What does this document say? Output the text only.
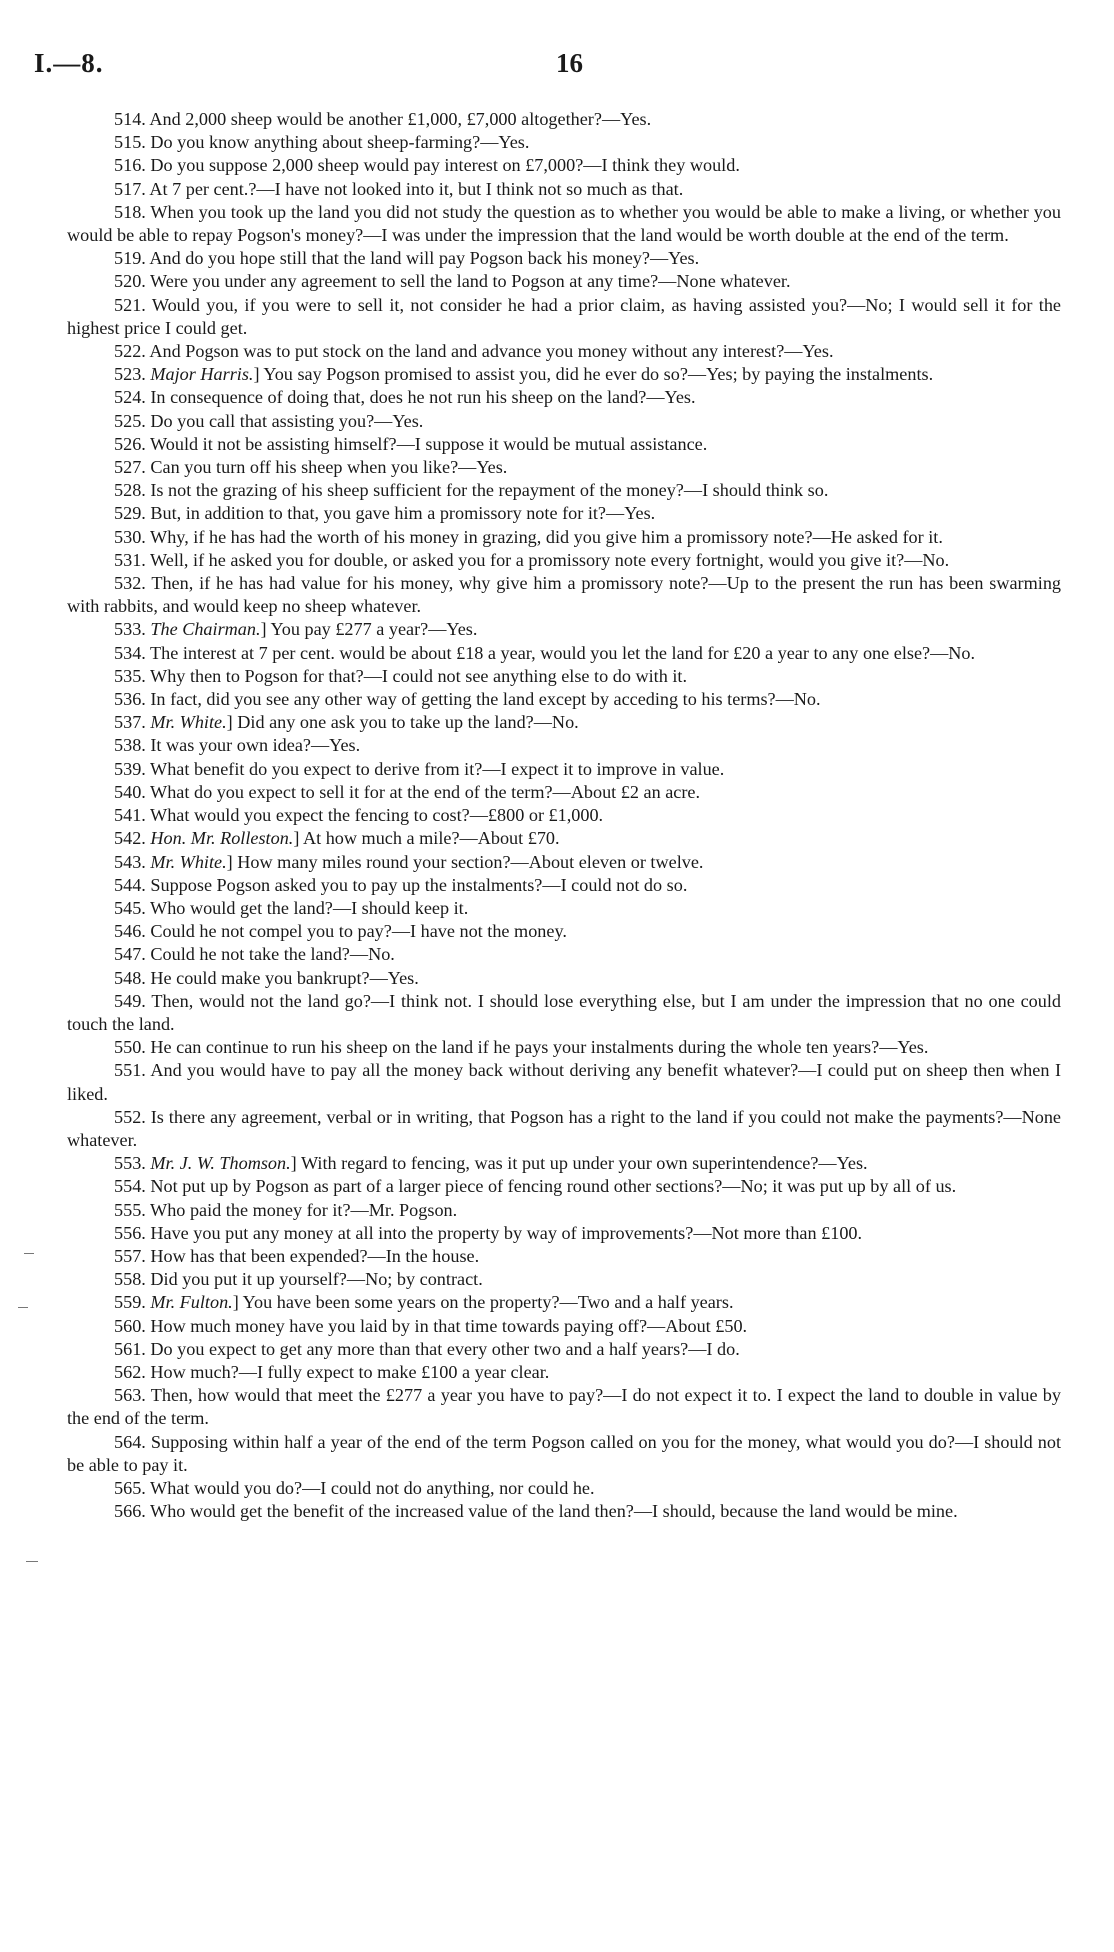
I.—8.	16

514 . And 2,000 sheep would be another £1,000, £7,000 altogether?—Yes.

515 . Do you know anything about sheep-farming?—Yes.

516 . Do you suppose 2,000 sheep would pay interest on £7,000?—I think they would.

517 . At 7 per cent.?—I have not looked into it, but I think not so much as that.

518 . When you took up the land you did not study the question as to whether you would be able to make a living, or whether you would be able to repay Pogson's money?—I was under the impression that the land would be worth double at the end of the term.

519 . And do you hope still that the land will pay Pogson back his money?—Yes.

520 . Were you under any agreement to sell the land to Pogson at any time?—None whatever.

521 . Would you, if you were to sell it, not consider he had a prior claim, as having assisted you?—No; I would sell it for the highest price I could get.

522 . And Pogson was to put stock on the land and advance you money without any interest?—Yes.

523 . Major Harris. ] You say Pogson promised to assist you, did he ever do so?—Yes; by paying the instalments.

524 . In consequence of doing that, does he not run his sheep on the land?—Yes.

525 . Do you call that assisting you?—Yes.

526 . Would it not be assisting himself?—I suppose it would be mutual assistance.

527 . Can you turn off his sheep when you like?—Yes.

528 . Is not the grazing of his sheep sufficient for the repayment of the money?—I should think so.

529 . But, in addition to that, you gave him a promissory note for it?—Yes.

530 . Why, if he has had the worth of his money in grazing, did you give him a promissory note?—He asked for it.

531 . Well, if he asked you for double, or asked you for a promissory note every fortnight, would you give it?—No.

532 . Then, if he has had value for his money, why give him a promissory note?—Up to the present the run has been swarming with rabbits, and would keep no sheep whatever.

533 . The Chairman. ] You pay £277 a year?—Yes.

534 . The interest at 7 per cent. would be about £18 a year, would you let the land for £20 a year to any one else?—No.

535 . Why then to Pogson for that?—I could not see anything else to do with it.

536 . In fact, did you see any other way of getting the land except by acceding to his terms?—No.

537 . Mr. White. ] Did any one ask you to take up the land?—No.

538 . It was your own idea?—Yes.

539 . What benefit do you expect to derive from it?—I expect it to improve in value.

540 . What do you expect to sell it for at the end of the term?—About £2 an acre.

541 . What would you expect the fencing to cost?—£800 or £1,000.

542 . Hon. Mr. Rolleston. ] At how much a mile?—About £70.

543 . Mr. White. ] How many miles round your section?—About eleven or twelve.

544 . Suppose Pogson asked you to pay up the instalments?—I could not do so.

545 . Who would get the land?—I should keep it.

546 . Could he not compel you to pay?—I have not the money.

547 . Could he not take the land?—No.

548 . He could make you bankrupt?—Yes.

549 . Then, would not the land go?—I think not. I should lose everything else, but I am under the impression that no one could touch the land.

550 . He can continue to run his sheep on the land if he pays your instalments during the whole ten years?—Yes.

551 . And you would have to pay all the money back without deriving any benefit whatever?—I could put on sheep then when I liked.

552 . Is there any agreement, verbal or in writing, that Pogson has a right to the land if you could not make the payments?—None whatever.

553 . Mr. J. W. Thomson. ] With regard to fencing, was it put up under your own superintendence?—Yes.

554 . Not put up by Pogson as part of a larger piece of fencing round other sections?—No; it was put up by all of us.

555 . Who paid the money for it?—Mr. Pogson.

556 . Have you put any money at all into the property by way of improvements?—Not more than £100.

557 . How has that been expended?—In the house.

558 . Did you put it up yourself?—No; by contract.

559 . Mr. Fulton. ] You have been some years on the property?—Two and a half years.

560 . How much money have you laid by in that time towards paying off?—About £50.

561 . Do you expect to get any more than that every other two and a half years?—I do.

562 . How much?—I fully expect to make £100 a year clear.

563 . Then, how would that meet the £277 a year you have to pay?—I do not expect it to. I expect the land to double in value by the end of the term.

564 . Supposing within half a year of the end of the term Pogson called on you for the money, what would you do?—I should not be able to pay it.

565 . What would you do?—I could not do anything, nor could he.

566 . Who would get the benefit of the increased value of the land then?—I should, because the land would be mine.
